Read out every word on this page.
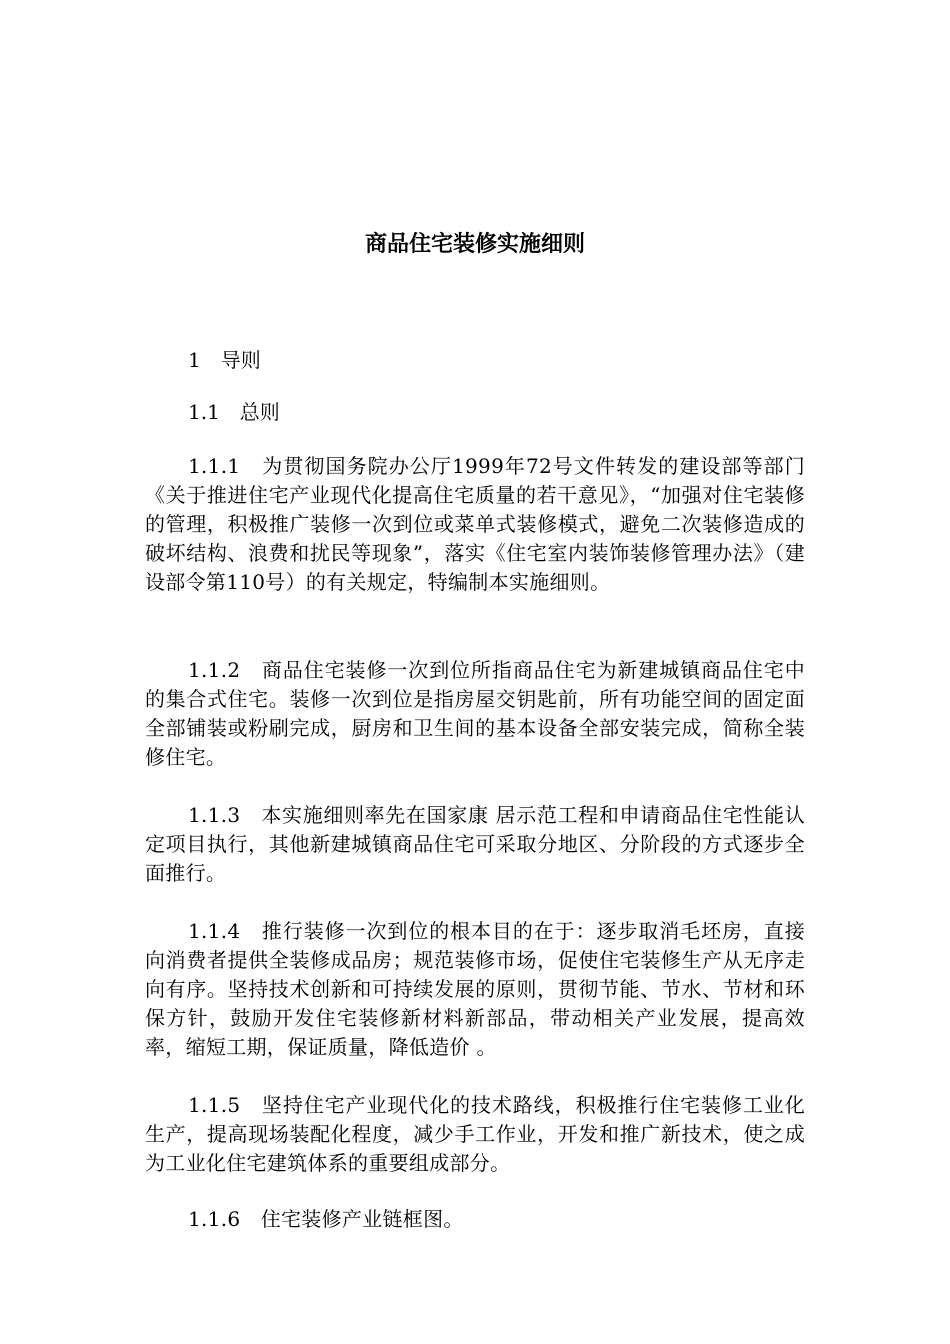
商品住宅装修实施细则
1　导则
1.1　总则
1.1.1　为贯彻国务院办公厅1999年72号文件转发的建设部等部门《关于推进住宅产业现代化提高住宅质量的若干意见》，“加强对住宅装修的管理，积极推广装修一次到位或菜单式装修模式，避免二次装修造成的破坏结构、浪费和扰民等现象”，落实《住宅室内装饰装修管理办法》（建设部令第110号）的有关规定，特编制本实施细则。
1.1.2　商品住宅装修一次到位所指商品住宅为新建城镇商品住宅中的集合式住宅。装修一次到位是指房屋交钥匙前，所有功能空间的固定面全部铺装或粉刷完成，厨房和卫生间的基本设备全部安装完成，简称全装修住宅。
1.1.3　本实施细则率先在国家康 居示范工程和申请商品住宅性能认定项目执行，其他新建城镇商品住宅可采取分地区、分阶段的方式逐步全面推行。
1.1.4　推行装修一次到位的根本目的在于：逐步取消毛坯房，直接向消费者提供全装修成品房；规范装修市场，促使住宅装修生产从无序走向有序。坚持技术创新和可持续发展的原则，贯彻节能、节水、节材和环保方针，鼓励开发住宅装修新材料新部品，带动相关产业发展，提高效率，缩短工期，保证质量，降低造价 。
1.1.5　坚持住宅产业现代化的技术路线，积极推行住宅装修工业化生产，提高现场装配化程度，减少手工作业，开发和推广新技术，使之成为工业化住宅建筑体系的重要组成部分。
1.1.6　住宅装修产业链框图。
